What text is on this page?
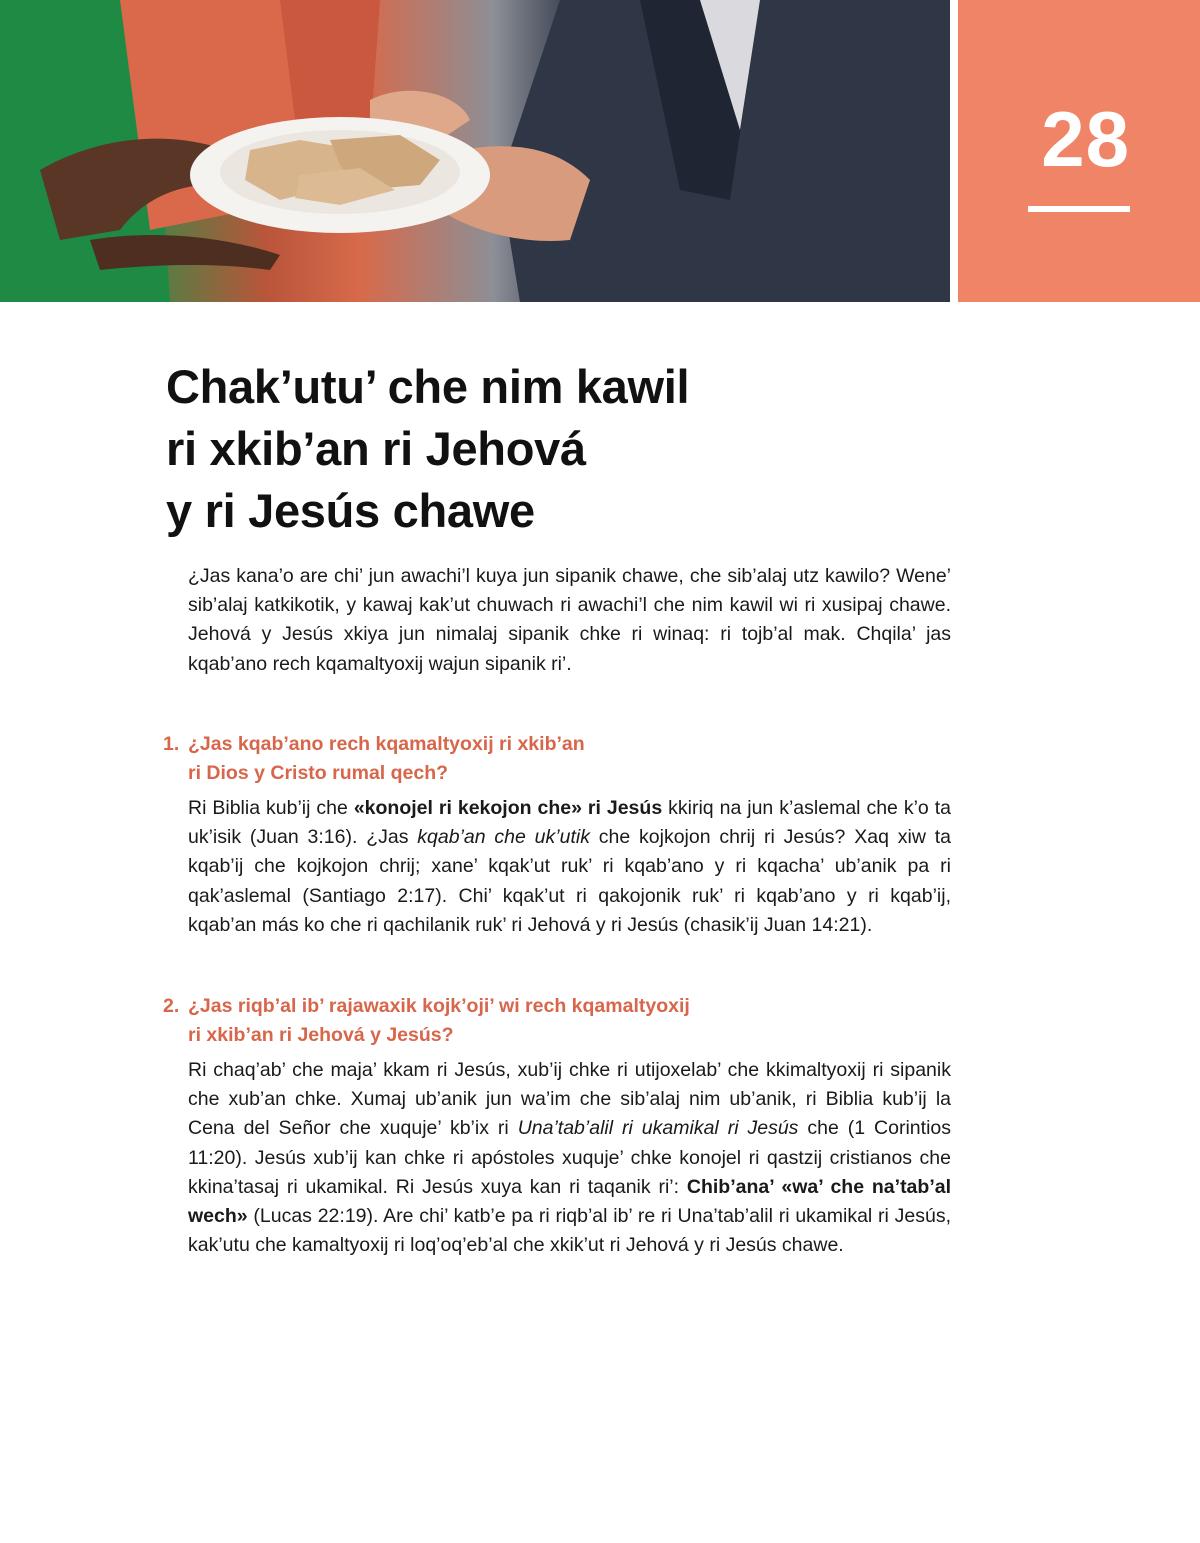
28
Chak’utu’ che nim kawil
ri xkib’an ri Jehová
y ri Jesús chawe

¿Jas kana’o are chi’ jun awachi’l kuya jun sipanik chawe, che sib’alaj utz kawilo? Wene’ sib’alaj katkikotik, y kawaj kak’ut chuwach ri awachi’l che nim kawil wi ri xusipaj chawe. Jehová y Jesús xkiya jun nimalaj sipanik chke ri winaq: ri tojb’al mak. Chqila’ jas kqab’ano rech kqamaltyoxij wajun sipanik ri’.

1. ¿Jas kqab’ano rech kqamaltyoxij ri xkib’an
ri Dios y Cristo rumal qech?

Ri Biblia kub’ij che «konojel ri kekojon che» ri Jesús kkiriq na jun k’aslemal che k’o ta uk’isik (Juan 3:16). ¿Jas kqab’an che uk’utik che kojkojon chrij ri Jesús? Xaq xiw ta kqab’ij che kojkojon chrij; xane’ kqak’ut ruk’ ri kqab’ano y ri kqacha’ ub’anik pa ri qak’aslemal (Santiago 2:17). Chi’ kqak’ut ri qakojonik ruk’ ri kqab’ano y ri kqab’ij, kqab’an más ko che ri qachilanik ruk’ ri Jehová y ri Jesús (chasik’ij Juan 14:21).

2. ¿Jas riqb’al ib’ rajawaxik kojk’oji’ wi rech kqamaltyoxij
ri xkib’an ri Jehová y Jesús?

Ri chaq’ab’ che maja’ kkam ri Jesús, xub’ij chke ri utijoxelab’ che kkimaltyoxij ri sipanik che xub’an chke. Xumaj ub’anik jun wa’im che sib’alaj nim ub’anik, ri Biblia kub’ij la Cena del Señor che xuquje’ kb’ix ri Una’tab’alil ri ukamikal ri Jesús che (1 Corintios 11:20). Jesús xub’ij kan chke ri apóstoles xuquje’ chke konojel ri qastzij cristianos che kkina’tasaj ri ukamikal. Ri Jesús xuya kan ri taqanik ri’: Chib’ana’ «wa’ che na’tab’al wech» (Lucas 22:19). Are chi’ katb’e pa ri riqb’al ib’ re ri Una’tab’alil ri ukamikal ri Jesús, kak’utu che kamaltyoxij ri loq’oq’eb’al che xkik’ut ri Jehová y ri Jesús chawe.
